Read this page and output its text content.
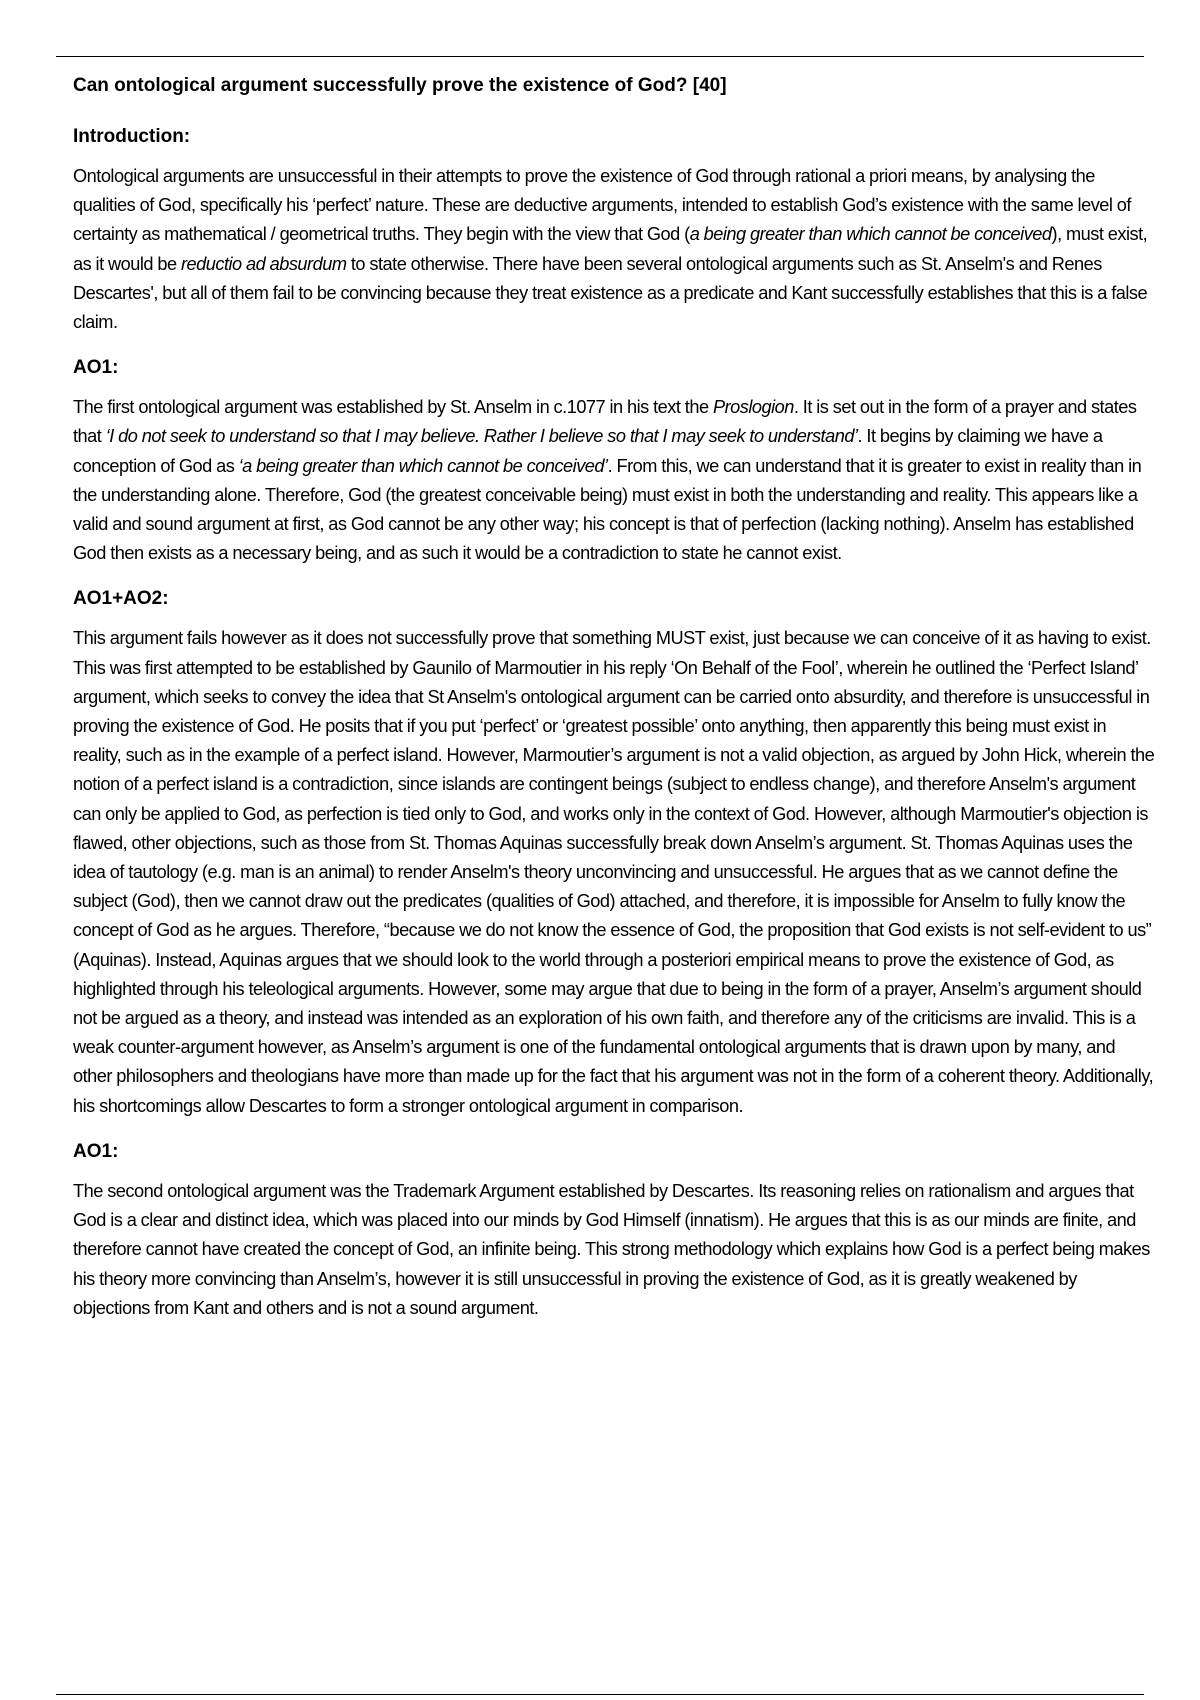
Can ontological argument successfully prove the existence of God? [40]
Introduction:

Ontological arguments are unsuccessful in their attempts to prove the existence of God through rational a priori means, by analysing the qualities of God, specifically his ‘perfect’ nature. These are deductive arguments, intended to establish God’s existence with the same level of certainty as mathematical / geometrical truths. They begin with the view that God (a being greater than which cannot be conceived), must exist, as it would be reductio ad absurdum to state otherwise. There have been several ontological arguments such as St. Anselm's and Renes Descartes', but all of them fail to be convincing because they treat existence as a predicate and Kant successfully establishes that this is a false claim.

AO1:

The first ontological argument was established by St. Anselm in c.1077 in his text the Proslogion. It is set out in the form of a prayer and states that ‘I do not seek to understand so that I may believe. Rather I believe so that I may seek to understand’. It begins by claiming we have a conception of God as ‘a being greater than which cannot be conceived’. From this, we can understand that it is greater to exist in reality than in the understanding alone. Therefore, God (the greatest conceivable being) must exist in both the understanding and reality. This appears like a valid and sound argument at first, as God cannot be any other way; his concept is that of perfection (lacking nothing). Anselm has established God then exists as a necessary being, and as such it would be a contradiction to state he cannot exist.

AO1+AO2:

This argument fails however as it does not successfully prove that something MUST exist, just because we can conceive of it as having to exist. This was first attempted to be established by Gaunilo of Marmoutier in his reply ‘On Behalf of the Fool’, wherein he outlined the ‘Perfect Island’ argument, which seeks to convey the idea that St Anselm's ontological argument can be carried onto absurdity, and therefore is unsuccessful in proving the existence of God. He posits that if you put ‘perfect’ or ‘greatest possible’ onto anything, then apparently this being must exist in reality, such as in the example of a perfect island. However, Marmoutier’s argument is not a valid objection, as argued by John Hick, wherein the notion of a perfect island is a contradiction, since islands are contingent beings (subject to endless change), and therefore Anselm's argument can only be applied to God, as perfection is tied only to God, and works only in the context of God. However, although Marmoutier's objection is flawed, other objections, such as those from St. Thomas Aquinas successfully break down Anselm’s argument. St. Thomas Aquinas uses the idea of tautology (e.g. man is an animal) to render Anselm's theory unconvincing and unsuccessful. He argues that as we cannot define the subject (God), then we cannot draw out the predicates (qualities of God) attached, and therefore, it is impossible for Anselm to fully know the concept of God as he argues. Therefore, “because we do not know the essence of God, the proposition that God exists is not self-evident to us” (Aquinas). Instead, Aquinas argues that we should look to the world through a posteriori empirical means to prove the existence of God, as highlighted through his teleological arguments. However, some may argue that due to being in the form of a prayer, Anselm’s argument should not be argued as a theory, and instead was intended as an exploration of his own faith, and therefore any of the criticisms are invalid. This is a weak counter-argument however, as Anselm’s argument is one of the fundamental ontological arguments that is drawn upon by many, and other philosophers and theologians have more than made up for the fact that his argument was not in the form of a coherent theory. Additionally, his shortcomings allow Descartes to form a stronger ontological argument in comparison.

AO1:

The second ontological argument was the Trademark Argument established by Descartes. Its reasoning relies on rationalism and argues that God is a clear and distinct idea, which was placed into our minds by God Himself (innatism). He argues that this is as our minds are finite, and therefore cannot have created the concept of God, an infinite being. This strong methodology which explains how God is a perfect being makes his theory more convincing than Anselm’s, however it is still unsuccessful in proving the existence of God, as it is greatly weakened by objections from Kant and others and is not a sound argument.
